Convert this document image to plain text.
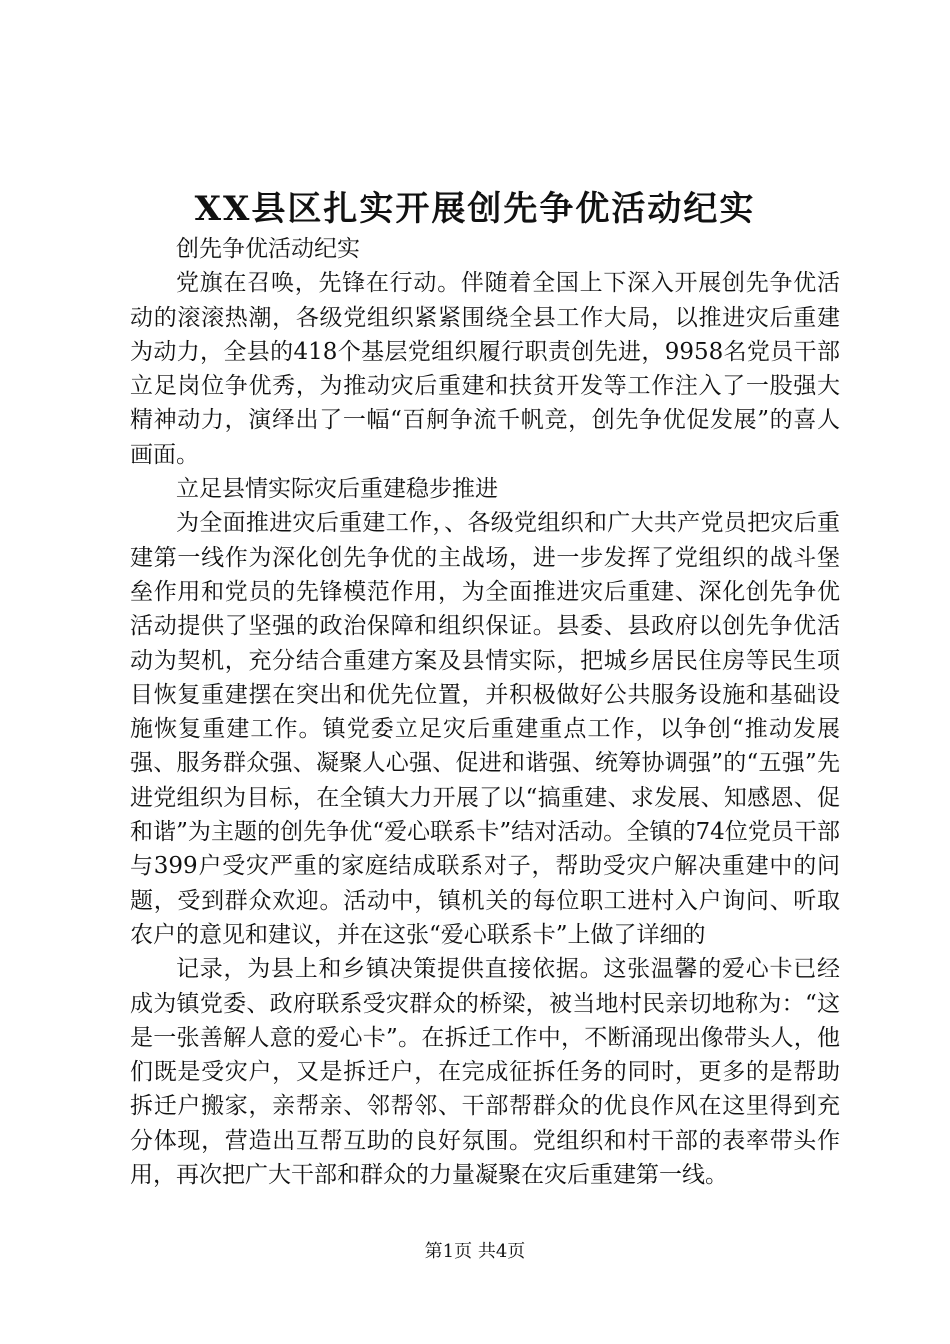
XX县区扎实开展创先争优活动纪实

创先争优活动纪实

党旗在召唤，先锋在行动。伴随着全国上下深入开展创先争优活动的滚滚热潮，各级党组织紧紧围绕全县工作大局，以推进灾后重建为动力，全县的418个基层党组织履行职责创先进，9958名党员干部立足岗位争优秀，为推动灾后重建和扶贫开发等工作注入了一股强大精神动力，演绎出了一幅“百舸争流千帆竞，创先争优促发展”的喜人画面。

立足县情实际灾后重建稳步推进

为全面推进灾后重建工作，、各级党组织和广大共产党员把灾后重建第一线作为深化创先争优的主战场，进一步发挥了党组织的战斗堡垒作用和党员的先锋模范作用，为全面推进灾后重建、深化创先争优活动提供了坚强的政治保障和组织保证。县委、县政府以创先争优活动为契机，充分结合重建方案及县情实际，把城乡居民住房等民生项目恢复重建摆在突出和优先位置，并积极做好公共服务设施和基础设施恢复重建工作。镇党委立足灾后重建重点工作，以争创“推动发展强、服务群众强、凝聚人心强、促进和谐强、统筹协调强”的“五强”先进党组织为目标，在全镇大力开展了以“搞重建、求发展、知感恩、促和谐”为主题的创先争优“爱心联系卡”结对活动。全镇的74位党员干部与399户受灾严重的家庭结成联系对子，帮助受灾户解决重建中的问题，受到群众欢迎。活动中，镇机关的每位职工进村入户询问、听取农户的意见和建议，并在这张“爱心联系卡”上做了详细的

记录，为县上和乡镇决策提供直接依据。这张温馨的爱心卡已经成为镇党委、政府联系受灾群众的桥梁，被当地村民亲切地称为：“这是一张善解人意的爱心卡”。在拆迁工作中，不断涌现出像带头人，他们既是受灾户，又是拆迁户，在完成征拆任务的同时，更多的是帮助拆迁户搬家，亲帮亲、邻帮邻、干部帮群众的优良作风在这里得到充分体现，营造出互帮互助的良好氛围。党组织和村干部的表率带头作用，再次把广大干部和群众的力量凝聚在灾后重建第一线。

第1页 共4页
